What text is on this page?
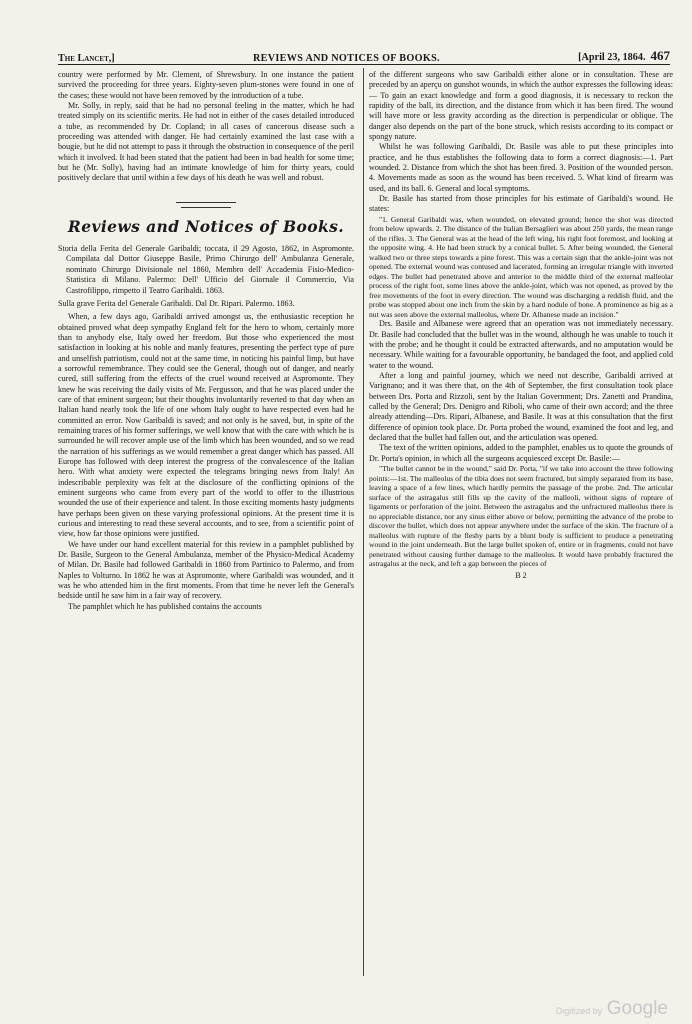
The Lancet,]	REVIEWS AND NOTICES OF BOOKS.	[April 23, 1864. 467

country were performed by Mr. Clement, of Shrewsbury. In one instance the patient survived the proceeding for three years. Eighty-seven plum-stones were found in one of the cases; these would not have been removed by the introduction of a tube.

Mr. Solly, in reply, said that he had no personal feeling in the matter, which he had treated simply on its scientific merits. He had not in either of the cases detailed introduced a tube, as recommended by Dr. Copland; in all cases of cancerous disease such a proceeding was attended with danger. He had certainly examined the last case with a bougie, but he did not attempt to pass it through the obstruction in consequence of the peril which it involved. It had been stated that the patient had been in bad health for some time; but he (Mr. Solly), having had an intimate knowledge of him for thirty years, could positively declare that until within a few days of his death he was well and robust.

Reviews and Notices of Books.

Storia della Ferita del Generale Garibaldi; toccata, il 29 Agosto, 1862, in Aspromonte. Compilata dal Dottor Giuseppe Basile, Primo Chirurgo dell' Ambulanza Generale, nominato Chirurgo Divisionale nel 1860, Membro dell' Accademia Fisio-Medico-Statistica di Milano. Palermo: Dell' Ufficio del Giornale il Commercio, Via Castrofilippo, rimpetto il Teatro Garibaldi. 1863.

Sulla grave Ferita del Generale Garibaldi. Dal Dr. Ripari. Palermo. 1863.

When, a few days ago, Garibaldi arrived amongst us, the enthusiastic reception he obtained proved what deep sympathy England felt for the hero to whom, certainly more than to anybody else, Italy owed her freedom. But those who experienced the most satisfaction in looking at his noble and manly features, presenting the perfect type of pure and unselfish patriotism, could not at the same time, in noticing his painful limp, but have a sorrowful remembrance. They could see the General, though out of danger, and nearly cured, still suffering from the effects of the cruel wound received at Aspromonte. They knew he was receiving the daily visits of Mr. Fergusson, and that he was placed under the care of that eminent surgeon; but their thoughts involuntarily reverted to that day when an Italian hand nearly took the life of one whom Italy ought to have respected even had he committed an error. Now Garibaldi is saved; and not only is he saved, but, in spite of the remaining traces of his former sufferings, we well know that with the care with which he is surrounded he will recover ample use of the limb which has been wounded, and so we read the narration of his sufferings as we would remember a great danger which has passed. All Europe has followed with deep interest the progress of the convalescence of the Italian hero. With what anxiety were expected the telegrams bringing news from Italy! An indescribable perplexity was felt at the disclosure of the conflicting opinions of the eminent surgeons who came from every part of the world to offer to the illustrious wounded the use of their experience and talent. In those exciting moments hasty judgments have perhaps been given on these varying professional opinions. At the present time it is curious and interesting to read these several accounts, and to see, from a scientific point of view, how far those opinions were justified.

We have under our hand excellent material for this review in a pamphlet published by Dr. Basile, Surgeon to the General Ambulanza, member of the Physico-Medical Academy of Milan. Dr. Basile had followed Garibaldi in 1860 from Partinico to Palermo, and from Naples to Volturno. In 1862 he was at Aspromonte, where Garibaldi was wounded, and it was he who attended him in the first moments. From that time he never left the General's bedside until he saw him in a fair way of recovery.

The pamphlet which he has published contains the accounts

of the different surgeons who saw Garibaldi either alone or in consultation. These are preceded by an aperçu on gunshot wounds, in which the author expresses the following ideas:— To gain an exact knowledge and form a good diagnosis, it is necessary to reckon the rapidity of the ball, its direction, and the distance from which it has been fired. The wound will have more or less gravity according as the direction is perpendicular or oblique. The danger also depends on the part of the bone struck, which resists according to its compact or spongy nature.

Whilst he was following Garibaldi, Dr. Basile was able to put these principles into practice, and he thus establishes the following data to form a correct diagnosis:—1. Part wounded. 2. Distance from which the shot has been fired. 3. Position of the wounded person. 4. Movements made as soon as the wound has been received. 5. What kind of firearm was used, and its ball. 6. General and local symptoms.

Dr. Basile has started from those principles for his estimate of Garibaldi's wound. He states:

"1. General Garibaldi was, when wounded, on elevated ground; hence the shot was directed from below upwards. 2. The distance of the Italian Bersaglieri was about 250 yards, the mean range of the rifles. 3. The General was at the head of the left wing, his right foot foremost, and looking at the opposite wing. 4. He had been struck by a conical bullet. 5. After being wounded, the General walked two or three steps towards a pine forest. This was a certain sign that the ankle-joint was not opened. The external wound was contused and lacerated, forming an irregular triangle with inverted edges. The bullet had penetrated above and anterior to the middle third of the external malleolar process of the right foot, some lines above the ankle-joint, which was not opened, as proved by the free movements of the foot in every direction. The wound was discharging a reddish fluid, and the probe was stopped about one inch from the skin by a hard nodule of bone. A prominence as big as a nut was seen above the external malleolus, where Dr. Albanese made an incision."

Drs. Basile and Albanese were agreed that an operation was not immediately necessary. Dr. Basile had concluded that the bullet was in the wound, although he was unable to touch it with the probe; and he thought it could be extracted afterwards, and no amputation would be necessary. While waiting for a favourable opportunity, he bandaged the foot, and applied cold water to the wound.

After a long and painful journey, which we need not describe, Garibaldi arrived at Varignano; and it was there that, on the 4th of September, the first consultation took place between Drs. Porta and Rizzoli, sent by the Italian Government; Drs. Zanetti and Prandina, called by the General; Drs. Denigro and Riboli, who came of their own accord; and the three already attending—Drs. Ripari, Albanese, and Basile. It was at this consultation that the first difference of opinion took place. Dr. Porta probed the wound, examined the foot and leg, and declared that the bullet had fallen out, and the articulation was opened.

The text of the written opinions, added to the pamphlet, enables us to quote the grounds of Dr. Porta's opinion, in which all the surgeons acquiesced except Dr. Basile:—

"The bullet cannot be in the wound," said Dr. Porta, "if we take into account the three following points:—1st. The malleolus of the tibia does not seem fractured, but simply separated from its base, leaving a space of a few lines, which hardly permits the passage of the probe. 2nd. The articular surface of the astragalus still fills up the cavity of the malleoli, without signs of rupture of ligaments or perforation of the joint. Between the astragalus and the unfractured malleolus there is no appreciable distance, nor any sinus either above or below, permitting the advance of the probe to discover the bullet, which does not appear anywhere under the surface of the skin. The fracture of a malleolus with rupture of the fleshy parts by a blunt body is sufficient to produce a penetrating wound in the joint underneath. But the large bullet spoken of, entire or in fragments, could not have penetrated without causing further damage to the malleolus. It would have probably fractured the astragalus at the neck, and left a gap between the pieces of

B 2
Digitized by Google
